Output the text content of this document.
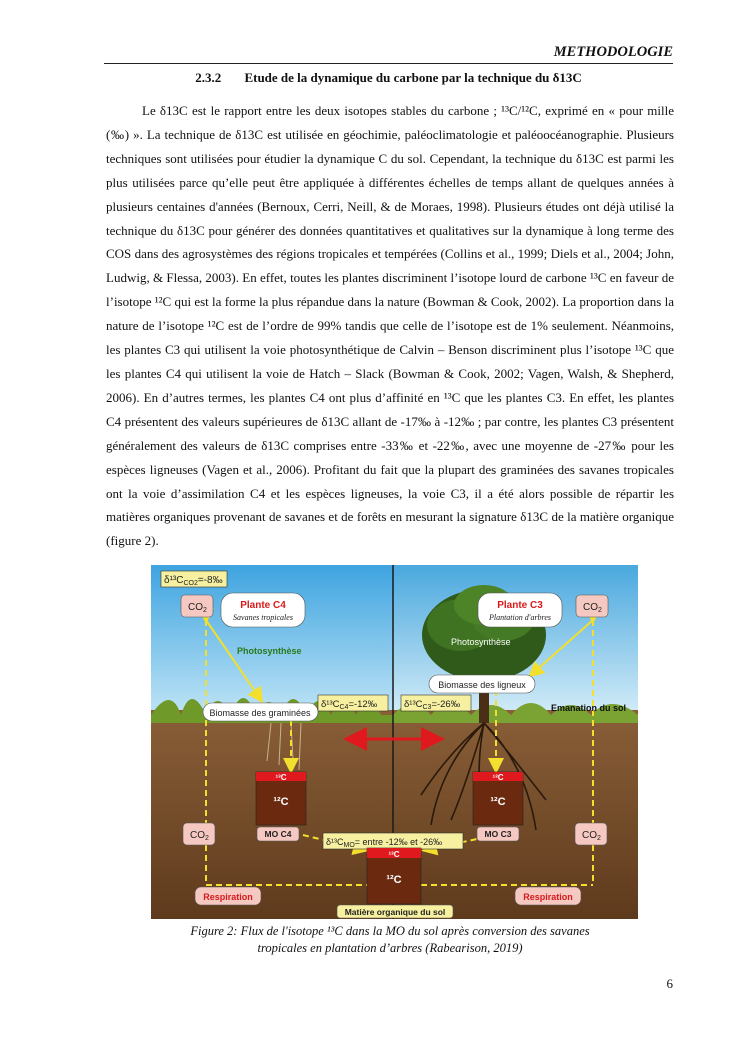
METHODOLOGIE
2.3.2 Etude de la dynamique du carbone par la technique du δ13C

Le δ13C est le rapport entre les deux isotopes stables du carbone ; ¹³C/¹²C, exprimé en « pour mille (‰) ». La technique de δ13C est utilisée en géochimie, paléoclimatologie et paléoocéanographie. Plusieurs techniques sont utilisées pour étudier la dynamique C du sol. Cependant, la technique du δ13C est parmi les plus utilisées parce qu’elle peut être appliquée à différentes échelles de temps allant de quelques années à plusieurs centaines d'années (Bernoux, Cerri, Neill, & de Moraes, 1998). Plusieurs études ont déjà utilisé la technique du δ13C pour générer des données quantitatives et qualitatives sur la dynamique à long terme des COS dans des agrosystèmes des régions tropicales et tempérées (Collins et al., 1999; Diels et al., 2004; John, Ludwig, & Flessa, 2003). En effet, toutes les plantes discriminent l’isotope lourd de carbone ¹³C en faveur de l’isotope ¹²C qui est la forme la plus répandue dans la nature (Bowman & Cook, 2002). La proportion dans la nature de l’isotope ¹²C est de l’ordre de 99% tandis que celle de l’isotope est de 1% seulement. Néanmoins, les plantes C3 qui utilisent la voie photosynthétique de Calvin – Benson discriminent plus l’isotope ¹³C que les plantes C4 qui utilisent la voie de Hatch – Slack (Bowman & Cook, 2002; Vagen, Walsh, & Shepherd, 2006). En d’autres termes, les plantes C4 ont plus d’affinité en ¹³C que les plantes C3. En effet, les plantes C4 présentent des valeurs supérieures de δ13C allant de -17‰ à -12‰ ; par contre, les plantes C3 présentent généralement des valeurs de δ13C comprises entre -33‰ et -22‰, avec une moyenne de -27‰ pour les espèces ligneuses (Vagen et al., 2006). Profitant du fait que la plupart des graminées des savanes tropicales ont la voie d’assimilation C4 et les espèces ligneuses, la voie C3, il a été alors possible de répartir les matières organiques provenant de savanes et de forêts en mesurant la signature δ13C de la matière organique (figure 2).

$\delta^{13}C_{CO2}=-8‰$
$CO_2$	$CO_2$
Plante C4
Savanes tropicales
Plante C3
Plantation d'arbres
Photosynthèse
Photosynthèse
Biomasse des graminées
Biomasse des ligneux
$\delta^{13}C_{C4}=-12‰$	$\delta^{13}C_{C3}=-26‰$	Emanation du sol
¹³C
¹²C
¹³C
¹²C
MO C4	MO C3
$CO_2$	$CO_2$
$\delta^{13}C_{MO}=$ entre -12‰ et -26‰
¹³C
¹²C
Matière organique du sol
Respiration	Respiration
Figure 2: Flux de l'isotope ¹³C dans la MO du sol après conversion des savanes
tropicales en plantation d’arbres (Rabearison, 2019)
6
